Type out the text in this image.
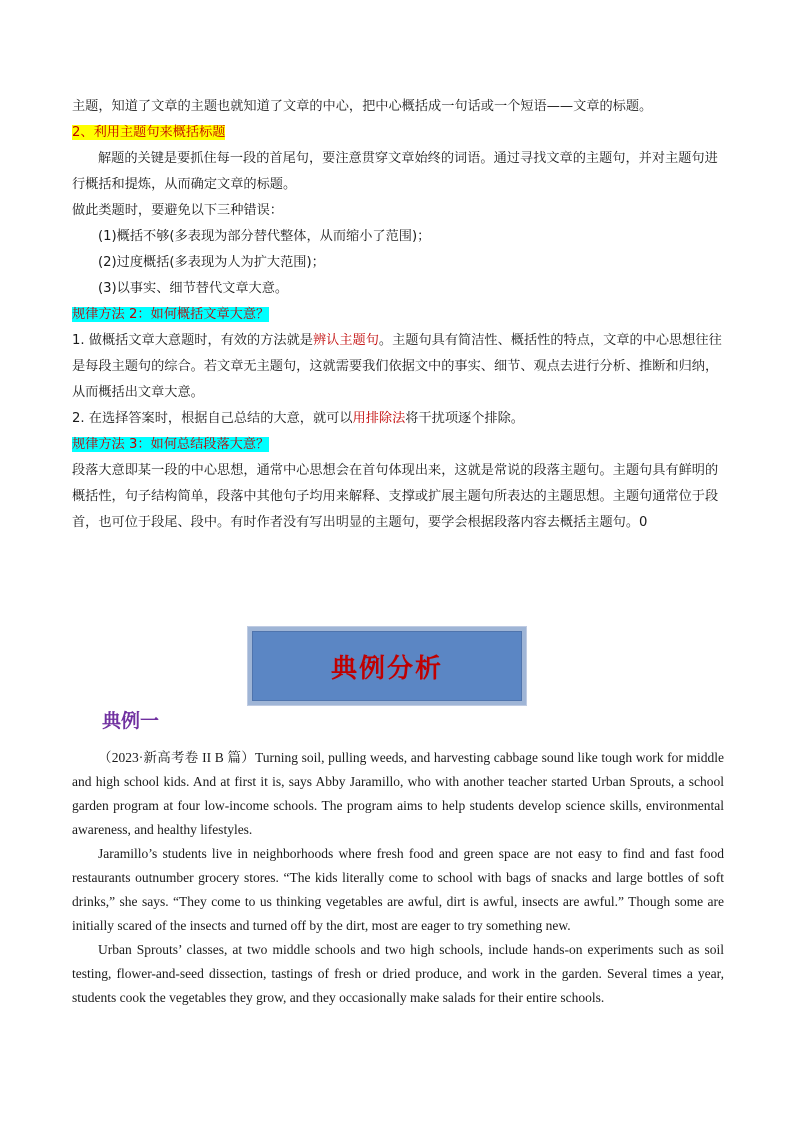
主题，知道了文章的主题也就知道了文章的中心，把中心概括成一句话或一个短语——文章的标题。

2、利用主题句来概括标题

解题的关键是要抓住每一段的首尾句，要注意贯穿文章始终的词语。通过寻找文章的主题句，并对主题句进行概括和提炼，从而确定文章的标题。

做此类题时，要避免以下三种错误：

(1)概括不够(多表现为部分替代整体，从而缩小了范围)；

(2)过度概括(多表现为人为扩大范围)；

(3)以事实、细节替代文章大意。

规律方法 2：如何概括文章大意？

1. 做概括文章大意题时，有效的方法就是辨认主题句。主题句具有简洁性、概括性的特点，文章的中心思想往往是每段主题句的综合。若文章无主题句，这就需要我们依据文中的事实、细节、观点去进行分析、推断和归纳，从而概括出文章大意。

2. 在选择答案时，根据自己总结的大意，就可以用排除法将干扰项逐个排除。

规律方法 3：如何总结段落大意？

段落大意即某一段的中心思想，通常中心思想会在首句体现出来，这就是常说的段落主题句。主题句具有鲜明的概括性，句子结构简单，段落中其他句子均用来解释、支撑或扩展主题句所表达的主题思想。主题句通常位于段首，也可位于段尾、段中。有时作者没有写出明显的主题句，要学会根据段落内容去概括主题句。0

典例分析
典例一

（2023·新高考卷 II B 篇）Turning soil, pulling weeds, and harvesting cabbage sound like tough work for middle and high school kids. And at first it is, says Abby Jaramillo, who with another teacher started Urban Sprouts, a school garden program at four low-income schools. The program aims to help students develop science skills, environmental awareness, and healthy lifestyles.

Jaramillo’s students live in neighborhoods where fresh food and green space are not easy to find and fast food restaurants outnumber grocery stores. “The kids literally come to school with bags of snacks and large bottles of soft drinks,” she says. “They come to us thinking vegetables are awful, dirt is awful, insects are awful.” Though some are initially scared of the insects and turned off by the dirt, most are eager to try something new.

Urban Sprouts’ classes, at two middle schools and two high schools, include hands-on experiments such as soil testing, flower-and-seed dissection, tastings of fresh or dried produce, and work in the garden. Several times a year, students cook the vegetables they grow, and they occasionally make salads for their entire schools.
